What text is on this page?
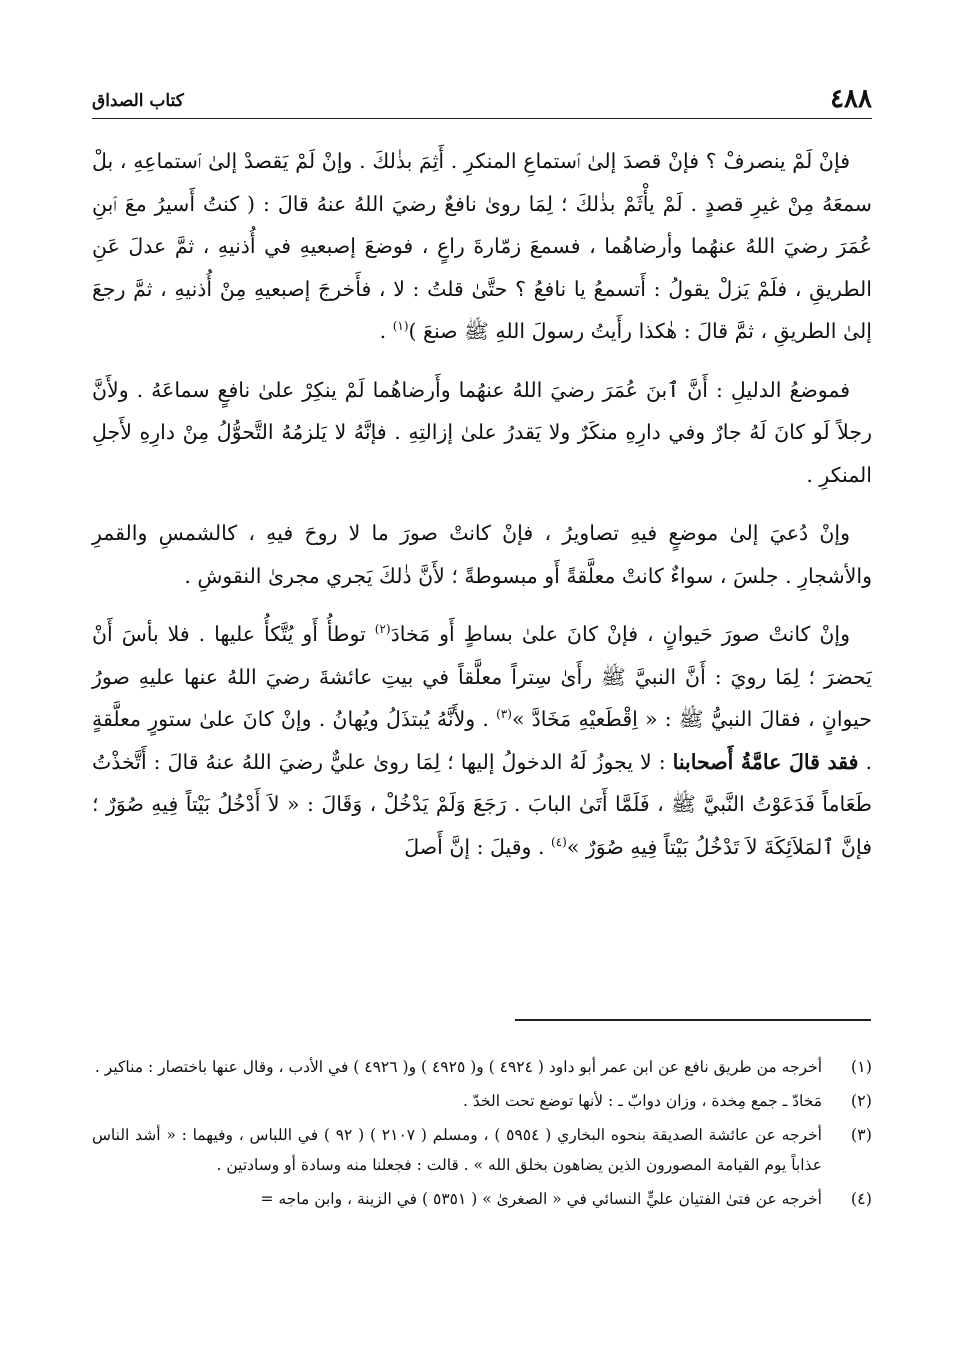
٤٨٨
كتاب الصداق

فإنْ لَمْ ينصرفْ ؟ فإنْ قصدَ إلىٰ ٱستماعِ المنكرِ . أَثِمَ بذٰلكَ . وإنْ لَمْ يَقصدْ إلىٰ ٱستماعِهِ ، بلْ سمعَهُ مِنْ غيرِ قصدٍ . لَمْ يأْثَمْ بذٰلكَ ؛ لِمَا روىٰ نافعٌ رضيَ اللهُ عنهُ قالَ : ( كنتُ أَسيرُ معَ ٱبنِ عُمَرَ رضيَ اللهُ عنهُما وأرضاهُما ، فسمعَ زمّارةَ راعٍ ، فوضعَ إصبعيهِ في أُذنيهِ ، ثمَّ عدلَ عَنِ الطريقِ ، فلَمْ يَزلْ يقولُ : أَتسمعُ يا نافعُ ؟ حتَّىٰ قلتُ : لا ، فأَخرجَ إصبعيهِ مِنْ أُذنيهِ ، ثمَّ رجعَ إلىٰ الطريقِ ، ثمَّ قالَ : هٰكذا رأَيتُ رسولَ اللهِ ﷺ صنعَ )$^{(١)}$ .

فموضعُ الدليلِ : أَنَّ ٱبنَ عُمَرَ رضيَ اللهُ عنهُما وأَرضاهُما لَمْ ينكِرْ علىٰ نافعٍ سماعَهُ . ولأَنَّ رجلاً لَو كانَ لَهُ جارٌ وفي دارِهِ منكَرٌ ولا يَقدرُ علىٰ إزالتِهِ . فإنَّهُ لا يَلزمُهُ التَّحوُّلُ مِنْ دارِهِ لأَجلِ المنكرِ .

وإنْ دُعيَ إلىٰ موضعٍ فيهِ تصاويرُ ، فإنْ كانتْ صورَ ما لا روحَ فيهِ ، كالشمسِ والقمرِ والأشجارِ . جلسَ ، سواءٌ كانتْ معلَّقةً أَو مبسوطةً ؛ لأَنَّ ذٰلكَ يَجري مجرىٰ النقوشِ .

وإنْ كانتْ صورَ حَيوانٍ ، فإنْ كانَ علىٰ بساطٍ أَو مَخادَ$^{(٢)}$ توطأُ أَو يُتَّكأُ عليها . فلا بأسَ أَنْ يَحضرَ ؛ لِمَا رويَ : أَنَّ النبيَّ ﷺ رأَىٰ سِتراً معلَّقاً في بيتِ عائشةَ رضيَ اللهُ عنها عليهِ صورُ حيوانٍ ، فقالَ النبيُّ ﷺ : « اِقْطَعيْهِ مَخَادَّ »$^{(٣)}$ . ولأَنَّهُ يُبتذَلُ ويُهانُ . وإنْ كانَ علىٰ ستورٍ معلَّقةٍ . فقد قالَ عامَّةُ أَصحابنا : لا يجوزُ لَهُ الدخولُ إليها ؛ لِمَا روىٰ عليٌّ رضيَ اللهُ عنهُ قالَ : أَتَّخذْتُ طَعَاماً فَدَعَوْتُ النَّبيَّ ﷺ ، فَلَمَّا أَتَىٰ البابَ . رَجَعَ وَلَمْ يَدْخُلْ ، وَقَالَ : « لاَ أَدْخُلُ بَيْتاً فِيهِ صُوَرٌ ؛ فإنَّ ٱلمَلاَئِكَةَ لاَ تَدْخُلُ بَيْتاً فِيهِ صُوَرٌ »$^{(٤)}$ . وقيلَ : إنَّ أَصلَ

(١)
أخرجه من طريق نافع عن ابن عمر أبو داود ( ٤٩٢٤ ) و( ٤٩٢٥ ) و( ٤٩٢٦ ) في الأدب ، وقال عنها باختصار : مناكير .
(٢)
مَخادّ ـ جمع مِخدة ، وزان دوابّ ـ : لأنها توضع تحت الخدّ .
(٣)
أخرجه عن عائشة الصديقة بنحوه البخاري ( ٥٩٥٤ ) ، ومسلم ( ٢١٠٧ ) ( ٩٢ ) في اللباس ، وفيهما : « أشد الناس عذاباً يوم القيامة المصورون الذين يضاهون بخلق الله » . قالت : فجعلنا منه وسادة أو وسادتين .
(٤)
أخرجه عن فتىٰ الفتيان عليٍّ النسائي في « الصغرىٰ » ( ٥٣٥١ ) في الزينة ، وابن ماجه =
